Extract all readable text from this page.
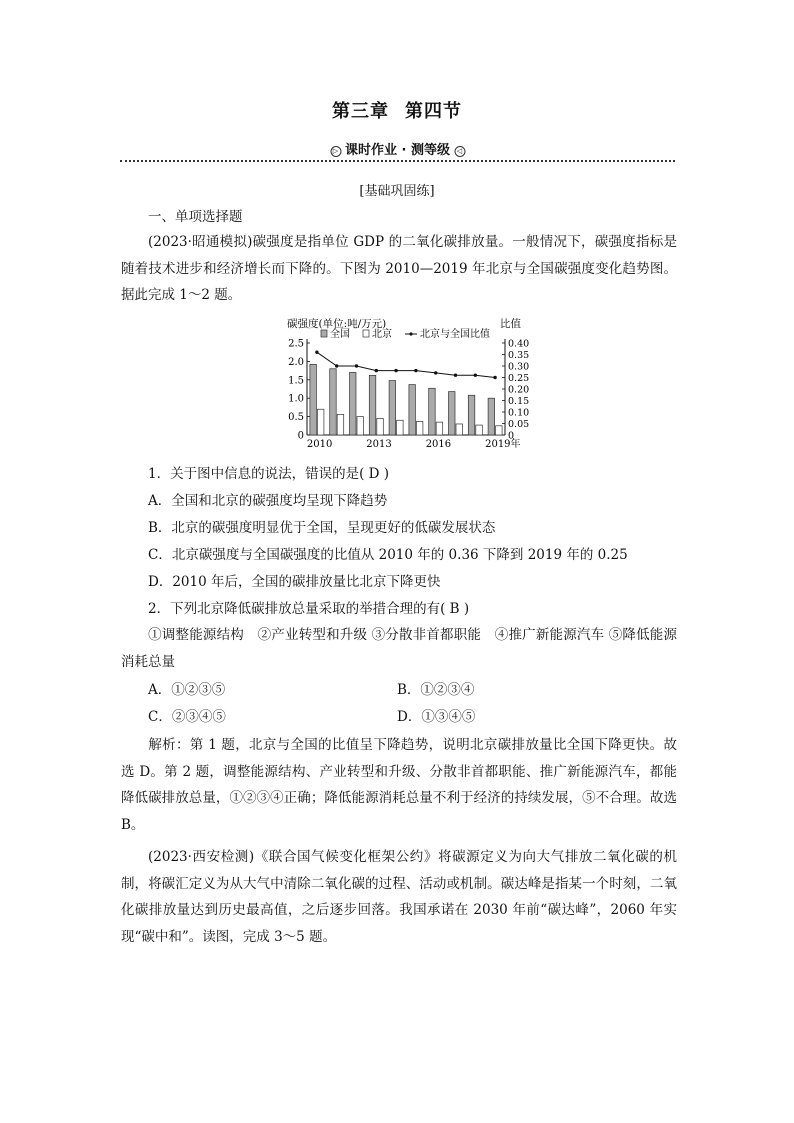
第三章 第四节
▷ 课时作业 · 测等级 ◁
[基础巩固练]
一、单项选择题
(2023·昭通模拟)碳强度是指单位 GDP 的二氧化碳排放量。一般情况下，碳强度指标是随着技术进步和经济增长而下降的。下图为 2010—2019 年北京与全国碳强度变化趋势图。据此完成 1～2 题。
碳强度(单位:吨/万元)	比值
全国 北京	北京与全国比值
0
0.5
1.0
1.5
2.0
2.5
0
0.05
0.10
0.15
0.20
0.25
0.30
0.35
0.40
2010	2013	2016	2019年
1．关于图中信息的说法，错误的是( D )
A．全国和北京的碳强度均呈现下降趋势
B．北京的碳强度明显优于全国，呈现更好的低碳发展状态
C．北京碳强度与全国碳强度的比值从 2010 年的 0.36 下降到 2019 年的 0.25
D．2010 年后，全国的碳排放量比北京下降更快
2．下列北京降低碳排放总量采取的举措合理的有( B )
①调整能源结构　②产业转型和升级 ③分散非首都职能　④推广新能源汽车 ⑤降低能源消耗总量
A．①②③⑤	B．①②③④
C．②③④⑤	D．①③④⑤
解析：第 1 题，北京与全国的比值呈下降趋势，说明北京碳排放量比全国下降更快。故选 D。第 2 题，调整能源结构、产业转型和升级、分散非首都职能、推广新能源汽车，都能降低碳排放总量，①②③④正确；降低能源消耗总量不利于经济的持续发展，⑤不合理。故选 B。
(2023·西安检测)《联合国气候变化框架公约》将碳源定义为向大气排放二氧化碳的机制，将碳汇定义为从大气中清除二氧化碳的过程、活动或机制。碳达峰是指某一个时刻，二氧化碳排放量达到历史最高值，之后逐步回落。我国承诺在 2030 年前“碳达峰”，2060 年实现“碳中和”。读图，完成 3～5 题。
